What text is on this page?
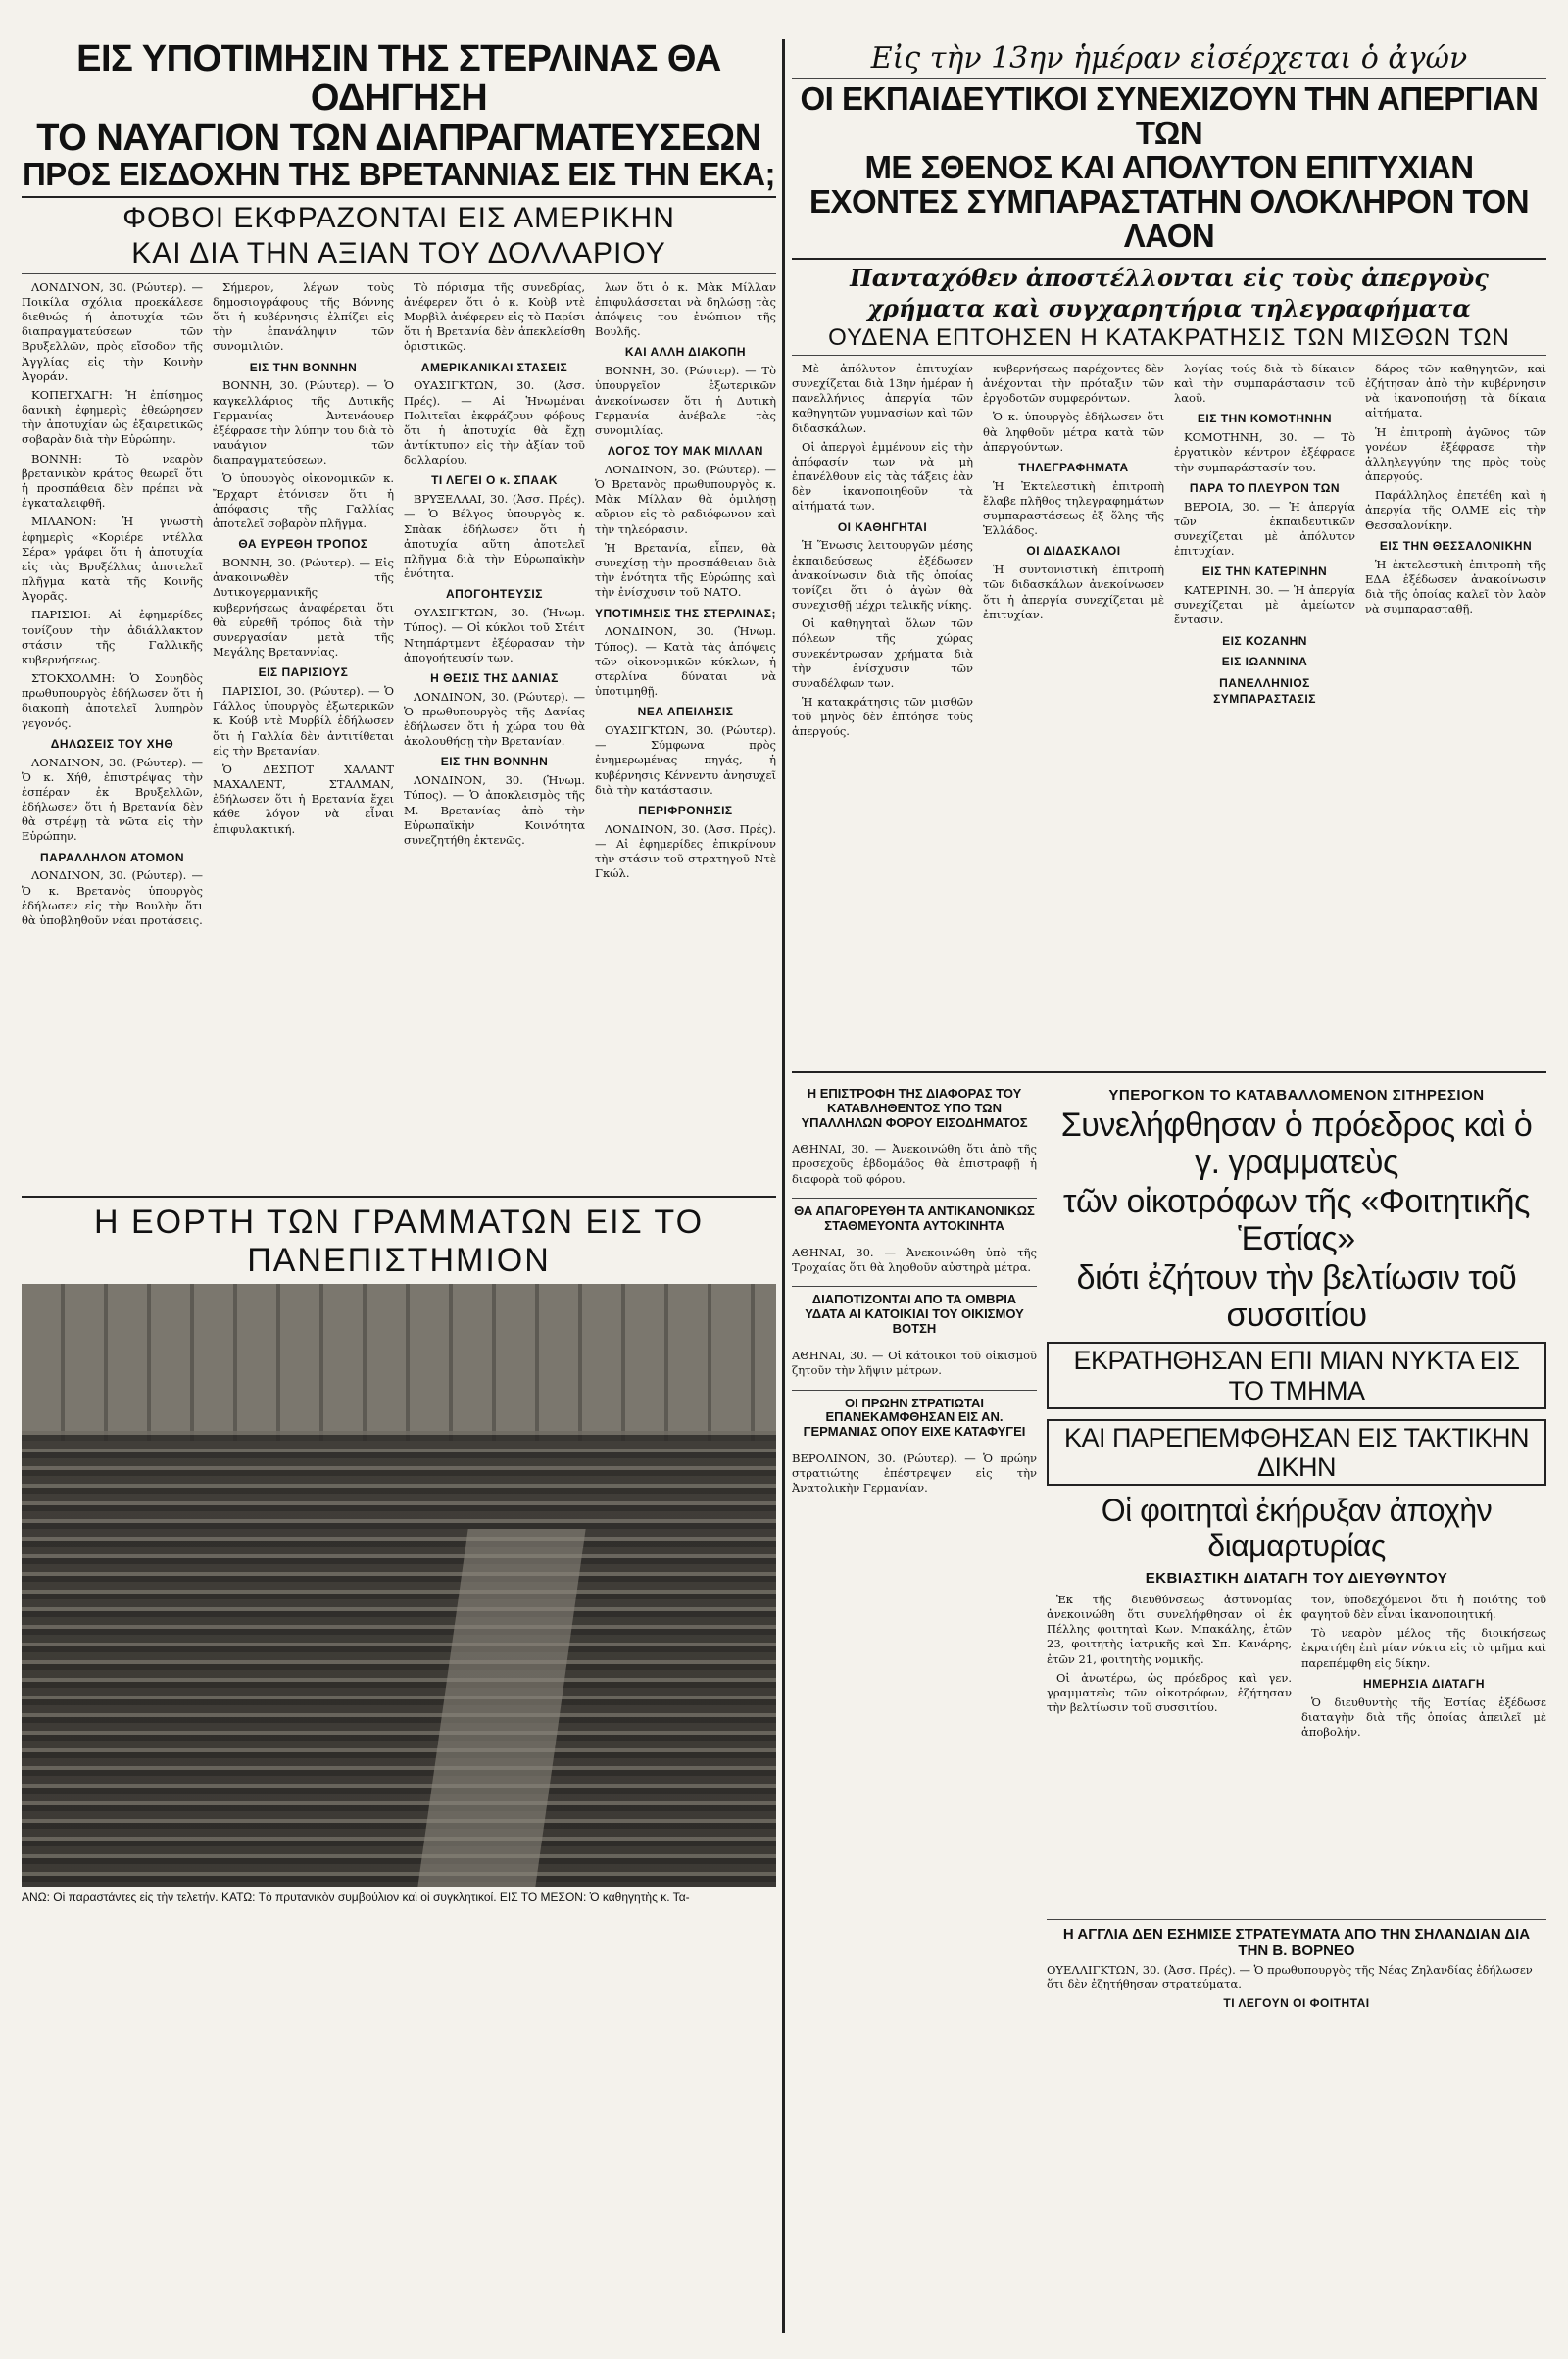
ΕΙΣ ΥΠΟΤΙΜΗΣΙΝ ΤΗΣ ΣΤΕΡΛΙΝΑΣ ΘΑ ΟΔΗΓΗΣΗ
ΤΟ ΝΑΥΑΓΙΟΝ ΤΩΝ ΔΙΑΠΡΑΓΜΑΤΕΥΣΕΩΝ
ΠΡΟΣ ΕΙΣΔΟΧΗΝ ΤΗΣ ΒΡΕΤΑΝΝΙΑΣ ΕΙΣ ΤΗΝ ΕΚΑ;
ΦΟΒΟΙ ΕΚΦΡΑΖΟΝΤΑΙ ΕΙΣ ΑΜΕΡΙΚΗΝ
ΚΑΙ ΔΙΑ ΤΗΝ ΑΞΙΑΝ ΤΟΥ ΔΟΛΛΑΡΙΟΥ

ΛΟΝΔΙΝΟΝ, 30. (Ρώυτερ). — Ποικίλα σχόλια προεκάλεσε διεθνώς ή ἀποτυχία τῶν διαπραγματεύσεων τῶν Βρυξελλῶν, πρὸς εἴσοδον τῆς Ἀγγλίας εἰς τὴν Κοινὴν Ἀγοράν.

ΚΟΠΕΓΧΑΓΗ: Ἡ ἐπίσημος δανικὴ ἐφημερὶς ἐθεώρησεν τὴν ἀποτυχίαν ὡς ἐξαιρετικῶς σοβαρὰν διὰ τὴν Εὐρώπην.

ΒΟΝΝΗ: Τὸ νεαρὸν βρετανικὸν κράτος θεωρεῖ ὅτι ἡ προσπάθεια δὲν πρέπει νὰ ἐγκαταλειφθῆ.

ΜΙΛΑΝΟΝ: Ἡ γνωστὴ ἐφημερὶς «Κοριέρε ντέλλα Σέρα» γράφει ὅτι ἡ ἀποτυχία εἰς τὰς Βρυξέλλας ἀποτελεῖ πλῆγμα κατὰ τῆς Κοινῆς Ἀγορᾶς.

ΠΑΡΙΣΙΟΙ: Αἱ ἐφημερίδες τονίζουν τὴν ἀδιάλλακτον στάσιν τῆς Γαλλικῆς κυβερνήσεως.

ΣΤΟΚΧΟΛΜΗ: Ὁ Σουηδὸς πρωθυπουργὸς ἐδήλωσεν ὅτι ἡ διακοπὴ ἀποτελεῖ λυπηρὸν γεγονός.

ΔΗΛΩΣΕΙΣ ΤΟΥ ΧΗΘ

ΛΟΝΔΙΝΟΝ, 30. (Ρώυτερ). — Ὁ κ. Χήθ, ἐπιστρέψας τὴν ἑσπέραν ἐκ Βρυξελλῶν, ἐδήλωσεν ὅτι ἡ Βρετανία δὲν θὰ στρέψῃ τὰ νῶτα εἰς τὴν Εὐρώπην.

ΠΑΡΑΛΛΗΛΟΝ ΑΤΟΜΟΝ

ΛΟΝΔΙΝΟΝ, 30. (Ρώυτερ). — Ὁ κ. Βρετανὸς ὑπουργὸς ἐδήλωσεν εἰς τὴν Βουλὴν ὅτι θὰ ὑποβληθοῦν νέαι προτάσεις.

Σήμερον, λέγων τοὺς δημοσιογράφους τῆς Βόννης ὅτι ἡ κυβέρνησις ἐλπίζει εἰς τὴν ἐπανάληψιν τῶν συνομιλιῶν.

ΕΙΣ ΤΗΝ ΒΟΝΝΗΝ

ΒΟΝΝΗ, 30. (Ρώυτερ). — Ὁ καγκελλάριος τῆς Δυτικῆς Γερμανίας Ἀντενάουερ ἐξέφρασε τὴν λύπην του διὰ τὸ ναυάγιον τῶν διαπραγματεύσεων.

Ὁ ὑπουργὸς οἰκονομικῶν κ. Ἔρχαρτ ἐτόνισεν ὅτι ἡ ἀπόφασις τῆς Γαλλίας ἀποτελεῖ σοβαρὸν πλῆγμα.

ΘΑ ΕΥΡΕΘΗ ΤΡΟΠΟΣ

ΒΟΝΝΗ, 30. (Ρώυτερ). — Εἰς ἀνακοινωθὲν τῆς Δυτικογερμανικῆς κυβερνήσεως ἀναφέρεται ὅτι θὰ εὑρεθῆ τρόπος διὰ τὴν συνεργασίαν μετὰ τῆς Μεγάλης Βρεταννίας.

ΕΙΣ ΠΑΡΙΣΙΟΥΣ

ΠΑΡΙΣΙΟΙ, 30. (Ρώυτερ). — Ὁ Γάλλος ὑπουργὸς ἐξωτερικῶν κ. Κούβ ντὲ Μυρβίλ ἐδήλωσεν ὅτι ἡ Γαλλία δὲν ἀντιτίθεται εἰς τὴν Βρετανίαν.

Ὁ ΔΕΣΠΟΤ ΧΑΛΑΝΤ ΜΑΧΑΛΕΝΤ, ΣΤΑΛΜΑΝ, ἐδήλωσεν ὅτι ἡ Βρετανία ἔχει κάθε λόγον νὰ εἶναι ἐπιφυλακτική.

Τὸ πόρισμα τῆς συνεδρίας, ἀνέφερεν ὅτι ὁ κ. Κοὺβ ντὲ Μυρβὶλ ἀνέφερεν εἰς τὸ Παρίσι ὅτι ἡ Βρετανία δὲν ἀπεκλείσθη ὁριστικῶς.

ΑΜΕΡΙΚΑΝΙΚΑΙ ΣΤΑΣΕΙΣ

ΟΥΑΣΙΓΚΤΩΝ, 30. (Ἀσσ. Πρές). — Αἱ Ἡνωμέναι Πολιτεῖαι ἐκφράζουν φόβους ὅτι ἡ ἀποτυχία θὰ ἔχῃ ἀντίκτυπον εἰς τὴν ἀξίαν τοῦ δολλαρίου.

ΤΙ ΛΕΓΕΙ Ο κ. ΣΠΑΑΚ

ΒΡΥΞΕΛΛΑΙ, 30. (Ἀσσ. Πρές). — Ὁ Βέλγος ὑπουργὸς κ. Σπὰακ ἐδήλωσεν ὅτι ἡ ἀποτυχία αὕτη ἀποτελεῖ πλῆγμα διὰ τὴν Εὐρωπαϊκὴν ἑνότητα.

ΑΠΟΓΟΗΤΕΥΣΙΣ

ΟΥΑΣΙΓΚΤΩΝ, 30. (Ἡνωμ. Τύπος). — Οἱ κύκλοι τοῦ Στέιτ Ντηπάρτμεντ ἐξέφρασαν τὴν ἀπογοήτευσίν των.

Η ΘΕΣΙΣ ΤΗΣ ΔΑΝΙΑΣ

ΛΟΝΔΙΝΟΝ, 30. (Ρώυτερ). — Ὁ πρωθυπουργὸς τῆς Δανίας ἐδήλωσεν ὅτι ἡ χώρα του θὰ ἀκολουθήσῃ τὴν Βρετανίαν.

ΕΙΣ ΤΗΝ ΒΟΝΝΗΝ

ΛΟΝΔΙΝΟΝ, 30. (Ἡνωμ. Τύπος). — Ὁ ἀποκλεισμὸς τῆς Μ. Βρετανίας ἀπὸ τὴν Εὐρωπαϊκὴν Κοινότητα συνεζητήθη ἐκτενῶς.

λων ὅτι ὁ κ. Μὰκ Μίλλαν ἐπιφυλάσσεται νὰ δηλώσῃ τὰς ἀπόψεις του ἐνώπιον τῆς Βουλῆς.

ΚΑΙ ΑΛΛΗ ΔΙΑΚΟΠΗ

ΒΟΝΝΗ, 30. (Ρώυτερ). — Τὸ ὑπουργεῖον ἐξωτερικῶν ἀνεκοίνωσεν ὅτι ἡ Δυτικὴ Γερμανία ἀνέβαλε τὰς συνομιλίας.

ΛΟΓΟΣ ΤΟΥ ΜΑΚ ΜΙΛΛΑΝ

ΛΟΝΔΙΝΟΝ, 30. (Ρώυτερ). — Ὁ Βρετανὸς πρωθυπουργὸς κ. Μὰκ Μίλλαν θὰ ὁμιλήσῃ αὔριον εἰς τὸ ραδιόφωνον καὶ τὴν τηλεόρασιν.

Ἡ Βρετανία, εἶπεν, θὰ συνεχίσῃ τὴν προσπάθειαν διὰ τὴν ἑνότητα τῆς Εὐρώπης καὶ τὴν ἐνίσχυσιν τοῦ ΝΑΤΟ.

ΥΠΟΤΙΜΗΣΙΣ ΤΗΣ ΣΤΕΡΛΙΝΑΣ;

ΛΟΝΔΙΝΟΝ, 30. (Ἡνωμ. Τύπος). — Κατὰ τὰς ἀπόψεις τῶν οἰκονομικῶν κύκλων, ἡ στερλίνα δύναται νὰ ὑποτιμηθῇ.

ΝΕΑ ΑΠΕΙΛΗΣΙΣ

ΟΥΑΣΙΓΚΤΩΝ, 30. (Ρώυτερ). — Σύμφωνα πρὸς ἐνημερωμένας πηγάς, ἡ κυβέρνησις Κέννεντυ ἀνησυχεῖ διὰ τὴν κατάστασιν.

ΠΕΡΙΦΡΟΝΗΣΙΣ

ΛΟΝΔΙΝΟΝ, 30. (Ἀσσ. Πρές). — Αἱ ἐφημερίδες ἐπικρίνουν τὴν στάσιν τοῦ στρατηγοῦ Ντὲ Γκώλ.

Η ΕΟΡΤΗ ΤΩΝ ΓΡΑΜΜΑΤΩΝ ΕΙΣ ΤΟ ΠΑΝΕΠΙΣΤΗΜΙΟΝ
ΑΝΩ: Οἱ παραστάντες εἰς τὴν τελετήν. ΚΑΤΩ: Τὸ πρυτανικὸν συμβούλιον καὶ οἱ συγκλητικοί. ΕΙΣ ΤΟ ΜΕΣΟΝ: Ὁ καθηγητὴς κ. Τα-
Εἰς τὴν 13ην ἡμέραν εἰσέρχεται ὁ ἀγών
ΟΙ ΕΚΠΑΙΔΕΥΤΙΚΟΙ ΣΥΝΕΧΙΖΟΥΝ ΤΗΝ ΑΠΕΡΓΙΑΝ ΤΩΝ
ΜΕ ΣΘΕΝΟΣ ΚΑΙ ΑΠΟΛΥΤΟΝ ΕΠΙΤΥΧΙΑΝ
ΕΧΟΝΤΕΣ ΣΥΜΠΑΡΑΣΤΑΤΗΝ ΟΛΟΚΛΗΡΟΝ ΤΟΝ ΛΑΟΝ
Πανταχόθεν ἀποστέλλονται εἰς τοὺς ἀπεργοὺς
χρήματα καὶ συγχαρητήρια τηλεγραφήματα
ΟΥΔΕΝΑ ΕΠΤΟΗΣΕΝ Η ΚΑΤΑΚΡΑΤΗΣΙΣ ΤΩΝ ΜΙΣΘΩΝ ΤΩΝ

Μὲ ἀπόλυτον ἐπιτυχίαν συνεχίζεται διὰ 13ην ἡμέραν ἡ πανελλήνιος ἀπεργία τῶν καθηγητῶν γυμνασίων καὶ τῶν διδασκάλων.

Οἱ ἀπεργοὶ ἐμμένουν εἰς τὴν ἀπόφασίν των νὰ μὴ ἐπανέλθουν εἰς τὰς τάξεις ἐὰν δὲν ἱκανοποιηθοῦν τὰ αἰτήματά των.

ΟΙ ΚΑΘΗΓΗΤΑΙ

Ἡ Ἕνωσις λειτουργῶν μέσης ἐκπαιδεύσεως ἐξέδωσεν ἀνακοίνωσιν διὰ τῆς ὁποίας τονίζει ὅτι ὁ ἀγὼν θὰ συνεχισθῇ μέχρι τελικῆς νίκης.

Οἱ καθηγηταὶ ὅλων τῶν πόλεων τῆς χώρας συνεκέντρωσαν χρήματα διὰ τὴν ἐνίσχυσιν τῶν συναδέλφων των.

Ἡ κατακράτησις τῶν μισθῶν τοῦ μηνὸς δὲν ἐπτόησε τοὺς ἀπεργούς.

κυβερνήσεως παρέχοντες δὲν ἀνέχονται τὴν πρόταξιν τῶν ἐργοδοτῶν συμφερόντων.

Ὁ κ. ὑπουργὸς ἐδήλωσεν ὅτι θὰ ληφθοῦν μέτρα κατὰ τῶν ἀπεργούντων.

ΤΗΛΕΓΡΑΦΗΜΑΤΑ

Ἡ Ἐκτελεστικὴ ἐπιτροπὴ ἔλαβε πλῆθος τηλεγραφημάτων συμπαραστάσεως ἐξ ὅλης τῆς Ἑλλάδος.

ΟΙ ΔΙΔΑΣΚΑΛΟΙ

Ἡ συντονιστικὴ ἐπιτροπὴ τῶν διδασκάλων ἀνεκοίνωσεν ὅτι ἡ ἀπεργία συνεχίζεται μὲ ἐπιτυχίαν.

λογίας τούς διὰ τὸ δίκαιον καὶ τὴν συμπαράστασιν τοῦ λαοῦ.

ΕΙΣ ΤΗΝ ΚΟΜΟΤΗΝΗΝ

ΚΟΜΟΤΗΝΗ, 30. — Τὸ ἐργατικὸν κέντρον ἐξέφρασε τὴν συμπαράστασίν του.

ΠΑΡΑ ΤΟ ΠΛΕΥΡΟΝ ΤΩΝ

ΒΕΡΟΙΑ, 30. — Ἡ ἀπεργία τῶν ἐκπαιδευτικῶν συνεχίζεται μὲ ἀπόλυτον ἐπιτυχίαν.

ΕΙΣ ΤΗΝ ΚΑΤΕΡΙΝΗΝ

ΚΑΤΕΡΙΝΗ, 30. — Ἡ ἀπεργία συνεχίζεται μὲ ἀμείωτον ἔντασιν.

ΕΙΣ ΚΟΖΑΝΗΝ
ΕΙΣ ΙΩΑΝΝΙΝΑ
ΠΑΝΕΛΛΗΝΙΟΣ ΣΥΜΠΑΡΑΣΤΑΣΙΣ

δάρος τῶν καθηγητῶν, καὶ ἐζήτησαν ἀπὸ τὴν κυβέρνησιν νὰ ἱκανοποιήσῃ τὰ δίκαια αἰτήματα.

Ἡ ἐπιτροπὴ ἀγῶνος τῶν γονέων ἐξέφρασε τὴν ἀλληλεγγύην της πρὸς τοὺς ἀπεργούς.

Παράλληλος ἐπετέθη καὶ ἡ ἀπεργία τῆς ΟΛΜΕ εἰς τὴν Θεσσαλονίκην.

ΕΙΣ ΤΗΝ ΘΕΣΣΑΛΟΝΙΚΗΝ

Ἡ ἐκτελεστικὴ ἐπιτροπὴ τῆς ΕΔΑ ἐξέδωσεν ἀνακοίνωσιν διὰ τῆς ὁποίας καλεῖ τὸν λαὸν νὰ συμπαρασταθῇ.

Η ΕΠΙΣΤΡΟΦΗ ΤΗΣ ΔΙΑΦΟΡΑΣ ΤΟΥ ΚΑΤΑΒΛΗΘΕΝΤΟΣ ΥΠΟ ΤΩΝ ΥΠΑΛΛΗΛΩΝ ΦΟΡΟΥ ΕΙΣΟΔΗΜΑΤΟΣ

ΑΘΗΝΑΙ, 30. — Ἀνεκοινώθη ὅτι ἀπὸ τῆς προσεχοῦς ἑβδομάδος θὰ ἐπιστραφῇ ἡ διαφορὰ τοῦ φόρου.

ΘΑ ΑΠΑΓΟΡΕΥΘΗ ΤΑ ΑΝΤΙΚΑΝΟΝΙΚΩΣ ΣΤΑΘΜΕΥΟΝΤΑ ΑΥΤΟΚΙΝΗΤΑ

ΑΘΗΝΑΙ, 30. — Ἀνεκοινώθη ὑπὸ τῆς Τροχαίας ὅτι θὰ ληφθοῦν αὐστηρὰ μέτρα.

ΔΙΑΠΟΤΙΖΟΝΤΑΙ ΑΠΟ ΤΑ ΟΜΒΡΙΑ ΥΔΑΤΑ ΑΙ ΚΑΤΟΙΚΙΑΙ ΤΟΥ ΟΙΚΙΣΜΟΥ ΒΟΤΣΗ

ΑΘΗΝΑΙ, 30. — Οἱ κάτοικοι τοῦ οἰκισμοῦ ζητοῦν τὴν λῆψιν μέτρων.

ΟΙ ΠΡΩΗΝ ΣΤΡΑΤΙΩΤΑΙ ΕΠΑΝΕΚΑΜΦΘΗΣΑΝ ΕΙΣ ΑΝ. ΓΕΡΜΑΝΙΑΣ ΟΠΟΥ ΕΙΧΕ ΚΑΤΑΦΥΓΕΙ

ΒΕΡΟΛΙΝΟΝ, 30. (Ρώυτερ). — Ὁ πρώην στρατιώτης ἐπέστρεψεν εἰς τὴν Ἀνατολικὴν Γερμανίαν.

ΥΠΕΡΟΓΚΟΝ ΤΟ ΚΑΤΑΒΑΛΛΟΜΕΝΟΝ ΣΙΤΗΡΕΣΙΟΝ
Συνελήφθησαν ὁ πρόεδρος καὶ ὁ γ. γραμματεὺς
τῶν οἰκοτρόφων τῆς «Φοιτητικῆς Ἑστίας»
διότι ἐζήτουν τὴν βελτίωσιν τοῦ συσσιτίου
ΕΚΡΑΤΗΘΗΣΑΝ ΕΠΙ ΜΙΑΝ ΝΥΚΤΑ ΕΙΣ ΤΟ ΤΜΗΜΑ
ΚΑΙ ΠΑΡΕΠΕΜΦΘΗΣΑΝ ΕΙΣ ΤΑΚΤΙΚΗΝ ΔΙΚΗΝ
Οἱ φοιτηταὶ ἐκήρυξαν ἀποχὴν διαμαρτυρίας
ΕΚΒΙΑΣΤΙΚΗ ΔΙΑΤΑΓΗ ΤΟΥ ΔΙΕΥΘΥΝΤΟΥ

Ἐκ τῆς διευθύνσεως ἀστυνομίας ἀνεκοινώθη ὅτι συνελήφθησαν οἱ ἐκ Πέλλης φοιτηταὶ Κων. Μπακάλης, ἐτῶν 23, φοιτητὴς ἰατρικῆς καὶ Σπ. Κανάρης, ἐτῶν 21, φοιτητὴς νομικῆς.

Οἱ ἀνωτέρω, ὡς πρόεδρος καὶ γεν. γραμματεὺς τῶν οἰκοτρόφων, ἐζήτησαν τὴν βελτίωσιν τοῦ συσσιτίου.

τον, ὑποδεχόμενοι ὅτι ἡ ποιότης τοῦ φαγητοῦ δὲν εἶναι ἱκανοποιητική.

Τὸ νεαρὸν μέλος τῆς διοικήσεως ἐκρατήθη ἐπὶ μίαν νύκτα εἰς τὸ τμῆμα καὶ παρεπέμφθη εἰς δίκην.

ΗΜΕΡΗΣΙΑ ΔΙΑΤΑΓΗ

Ὁ διευθυντὴς τῆς Ἑστίας ἐξέδωσε διαταγὴν διὰ τῆς ὁποίας ἀπειλεῖ μὲ ἀποβολήν.

Η ΑΓΓΛΙΑ ΔΕΝ ΕΣΗΜΙΣΕ ΣΤΡΑΤΕΥΜΑΤΑ ΑΠΟ ΤΗΝ ΣΗΛΑΝΔΙΑΝ ΔΙΑ ΤΗΝ Β. ΒΟΡΝΕΟ

ΟΥΕΛΛΙΓΚΤΩΝ, 30. (Ἀσσ. Πρές). — Ὁ πρωθυπουργὸς τῆς Νέας Ζηλανδίας ἐδήλωσεν ὅτι δὲν ἐζητήθησαν στρατεύματα.

ΤΙ ΛΕΓΟΥΝ ΟΙ ΦΟΙΤΗΤΑΙ
